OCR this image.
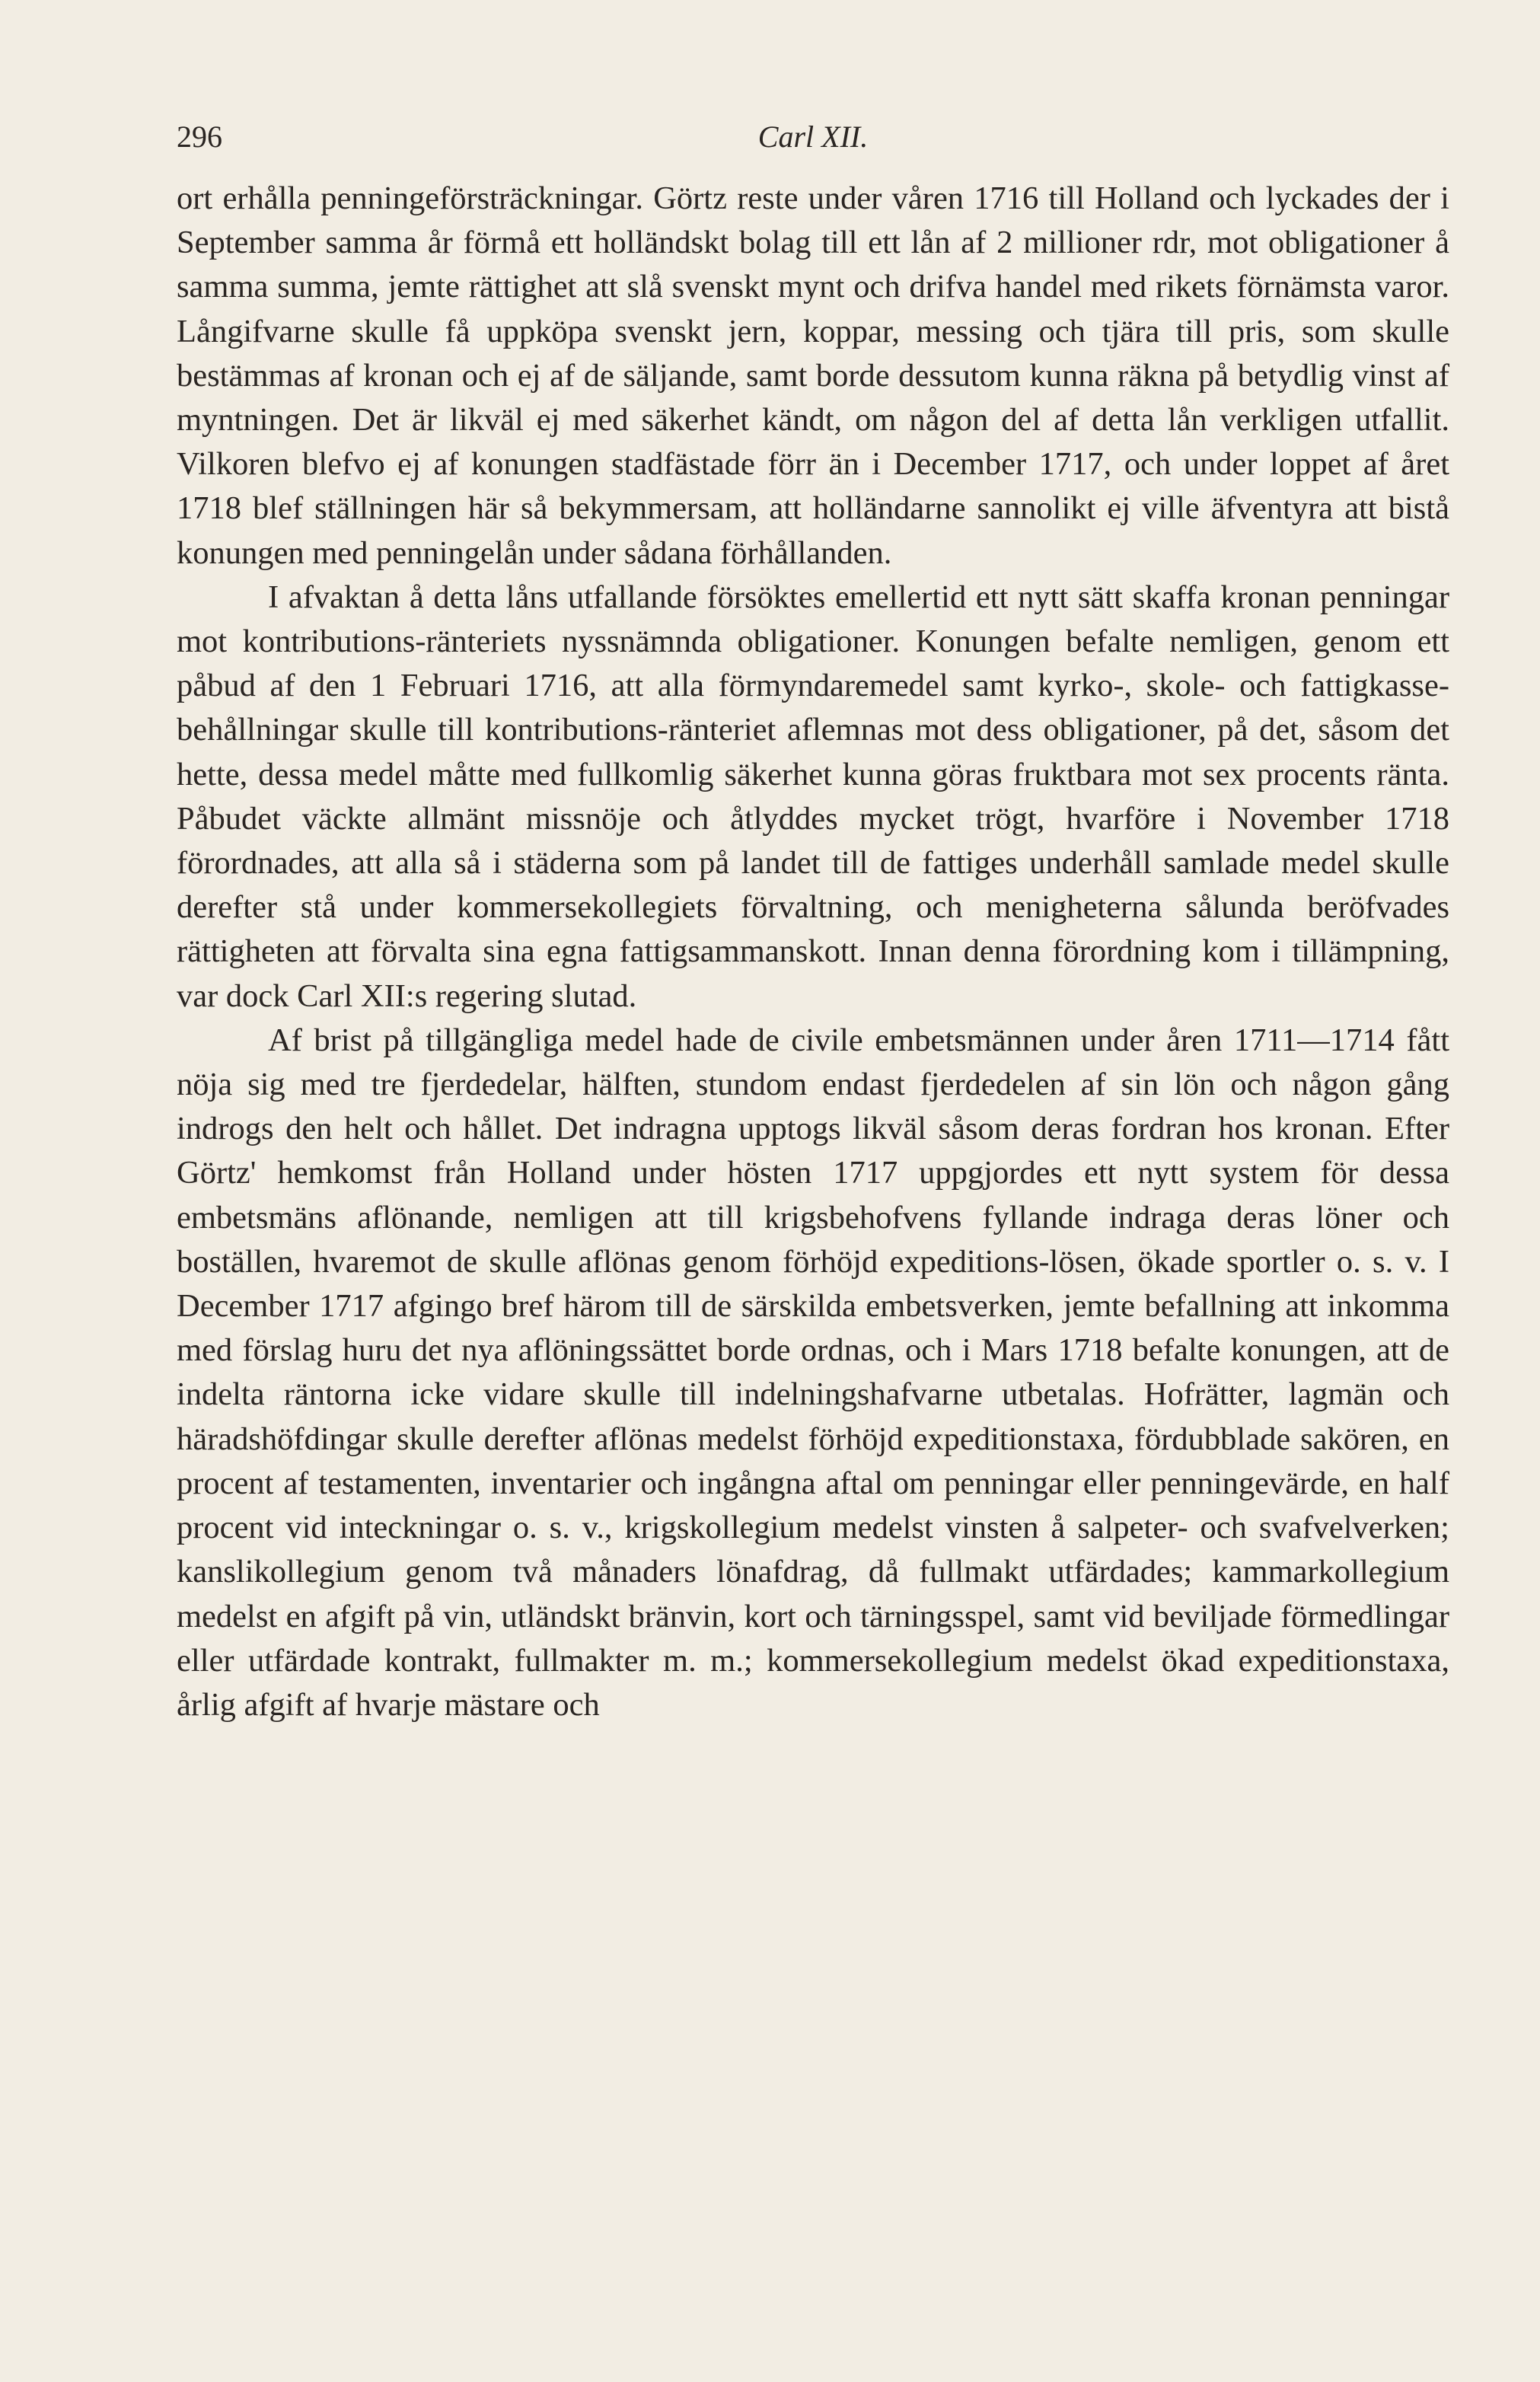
296	Carl XII.

ort erhålla penningeförsträckningar. Görtz reste under våren 1716 till Holland och lyckades der i September samma år förmå ett holländskt bolag till ett lån af 2 millioner rdr, mot obligationer å samma summa, jemte rättighet att slå svenskt mynt och drifva handel med rikets förnämsta varor. Långifvarne skulle få uppköpa svenskt jern, koppar, messing och tjära till pris, som skulle bestämmas af kronan och ej af de säljande, samt borde dessutom kunna räkna på betydlig vinst af myntningen. Det är likväl ej med säkerhet kändt, om någon del af detta lån verkligen utfallit. Vilkoren blefvo ej af konungen stadfästade förr än i December 1717, och under loppet af året 1718 blef ställningen här så bekymmersam, att holländarne sannolikt ej ville äfventyra att bistå konungen med penningelån under sådana förhållanden.

I afvaktan å detta låns utfallande försöktes emellertid ett nytt sätt skaffa kronan penningar mot kontributions-ränteriets nyssnämnda obligationer. Konungen befalte nemligen, genom ett påbud af den 1 Februari 1716, att alla förmyndaremedel samt kyrko-, skole- och fattigkasse-behållningar skulle till kontributions-ränteriet aflemnas mot dess obligationer, på det, såsom det hette, dessa medel måtte med fullkomlig säkerhet kunna göras fruktbara mot sex procents ränta. Påbudet väckte allmänt missnöje och åtlyddes mycket trögt, hvarföre i November 1718 förordnades, att alla så i städerna som på landet till de fattiges underhåll samlade medel skulle derefter stå under kommersekollegiets förvaltning, och menigheterna sålunda beröfvades rättigheten att förvalta sina egna fattigsammanskott. Innan denna förordning kom i tillämpning, var dock Carl XII:s regering slutad.

Af brist på tillgängliga medel hade de civile embetsmännen under åren 1711—1714 fått nöja sig med tre fjerdedelar, hälften, stundom endast fjerdedelen af sin lön och någon gång indrogs den helt och hållet. Det indragna upptogs likväl såsom deras fordran hos kronan. Efter Görtz' hemkomst från Holland under hösten 1717 uppgjordes ett nytt system för dessa embetsmäns aflönande, nemligen att till krigsbehofvens fyllande indraga deras löner och boställen, hvaremot de skulle aflönas genom förhöjd expeditions-lösen, ökade sportler o. s. v. I December 1717 afgingo bref härom till de särskilda embetsverken, jemte befallning att inkomma med förslag huru det nya aflöningssättet borde ordnas, och i Mars 1718 befalte konungen, att de indelta räntorna icke vidare skulle till indelningshafvarne utbetalas. Hofrätter, lagmän och häradshöfdingar skulle derefter aflönas medelst förhöjd expeditionstaxa, fördubblade sakören, en procent af testamenten, inventarier och ingångna aftal om penningar eller penningevärde, en half procent vid inteckningar o. s. v., krigskollegium medelst vinsten å salpeter- och svafvelverken; kanslikollegium genom två månaders lönafdrag, då fullmakt utfärdades; kammarkollegium medelst en afgift på vin, utländskt bränvin, kort och tärningsspel, samt vid beviljade förmedlingar eller utfärdade kontrakt, fullmakter m. m.; kommersekollegium medelst ökad expeditionstaxa, årlig afgift af hvarje mästare och
